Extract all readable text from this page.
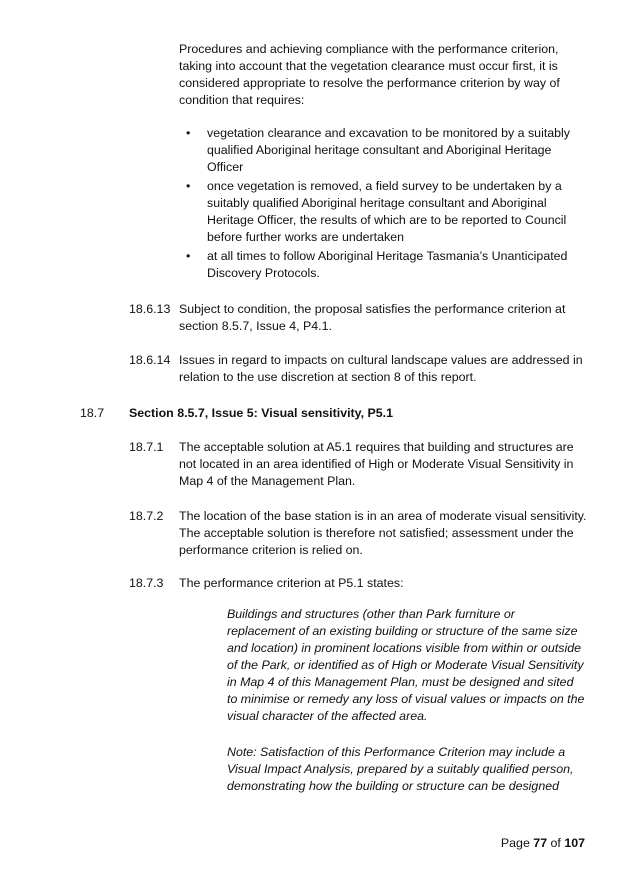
Procedures and achieving compliance with the performance criterion, taking into account that the vegetation clearance must occur first, it is considered appropriate to resolve the performance criterion by way of condition that requires:

• vegetation clearance and excavation to be monitored by a suitably qualified Aboriginal heritage consultant and Aboriginal Heritage Officer
• once vegetation is removed, a field survey to be undertaken by a suitably qualified Aboriginal heritage consultant and Aboriginal Heritage Officer, the results of which are to be reported to Council before further works are undertaken
• at all times to follow Aboriginal Heritage Tasmania’s Unanticipated Discovery Protocols.
18.6.13 Subject to condition, the proposal satisfies the performance criterion at section 8.5.7, Issue 4, P4.1.
18.6.14 Issues in regard to impacts on cultural landscape values are addressed in relation to the use discretion at section 8 of this report.
18.7	Section 8.5.7, Issue 5: Visual sensitivity, P5.1
18.7.1	The acceptable solution at A5.1 requires that building and structures are not located in an area identified of High or Moderate Visual Sensitivity in Map 4 of the Management Plan.
18.7.2	The location of the base station is in an area of moderate visual sensitivity. The acceptable solution is therefore not satisfied; assessment under the performance criterion is relied on.
18.7.3	The performance criterion at P5.1 states:

Buildings and structures (other than Park furniture or replacement of an existing building or structure of the same size and location) in prominent locations visible from within or outside of the Park, or identified as of High or Moderate Visual Sensitivity in Map 4 of this Management Plan, must be designed and sited to minimise or remedy any loss of visual values or impacts on the visual character of the affected area.

Note: Satisfaction of this Performance Criterion may include a Visual Impact Analysis, prepared by a suitably qualified person, demonstrating how the building or structure can be designed

Page 77 of 107
